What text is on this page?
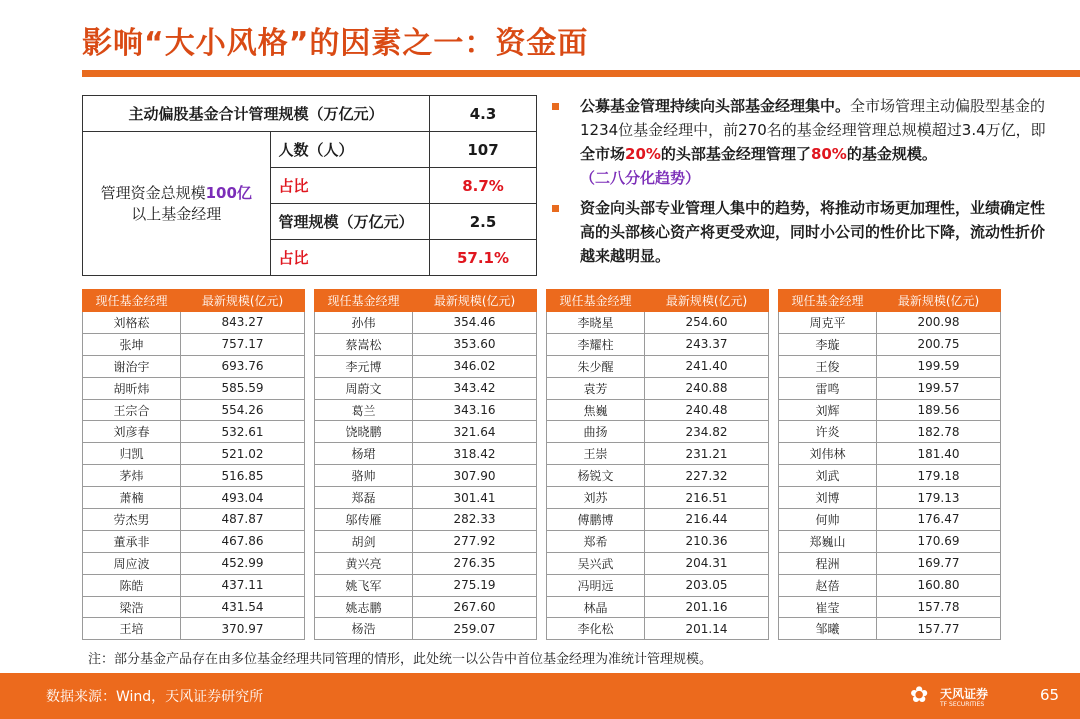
影响“大小风格”的因素之一：资金面
主动偏股基金合计管理规模（万亿元）		4.3
管理资金总规模100亿
以上基金经理	人数（人）	107
	占比	8.7%
	管理规模（万亿元）	2.5
	占比	57.1%
公募基金管理持续向头部基金经理集中。全市场管理主动偏股型基金的1234位基金经理中，前270名的基金经理管理总规模超过3.4万亿，即全市场20%的头部基金经理管理了80%的基金规模。（二八分化趋势）
资金向头部专业管理人集中的趋势，将推动市场更加理性，业绩确定性高的头部核心资产将更受欢迎，同时小公司的性价比下降，流动性折价越来越明显。
现任基金经理	最新规模(亿元)
刘格菘	843.27
张坤	757.17
谢治宇	693.76
胡昕炜	585.59
王宗合	554.26
刘彦春	532.61
归凯	521.02
茅炜	516.85
萧楠	493.04
劳杰男	487.87
董承非	467.86
周应波	452.99
陈皓	437.11
梁浩	431.54
王培	370.97
现任基金经理	最新规模(亿元)
孙伟	354.46
蔡嵩松	353.60
李元博	346.02
周蔚文	343.42
葛兰	343.16
饶晓鹏	321.64
杨珺	318.42
骆帅	307.90
郑磊	301.41
邬传雁	282.33
胡剑	277.92
黄兴亮	276.35
姚飞军	275.19
姚志鹏	267.60
杨浩	259.07
现任基金经理	最新规模(亿元)
李晓星	254.60
李耀柱	243.37
朱少醒	241.40
袁芳	240.88
焦巍	240.48
曲扬	234.82
王崇	231.21
杨锐文	227.32
刘苏	216.51
傅鹏博	216.44
郑希	210.36
吴兴武	204.31
冯明远	203.05
林晶	201.16
李化松	201.14
现任基金经理	最新规模(亿元)
周克平	200.98
李璇	200.75
王俊	199.59
雷鸣	199.57
刘辉	189.56
许炎	182.78
刘伟林	181.40
刘武	179.18
刘博	179.13
何帅	176.47
郑巍山	170.69
程洲	169.77
赵蓓	160.80
崔莹	157.78
邹曦	157.77
注：部分基金产品存在由多位基金经理共同管理的情形，此处统一以公告中首位基金经理为准统计管理规模。
数据来源：Wind，天风证券研究所	✿ 天风证券
TF SECURITIES
65
